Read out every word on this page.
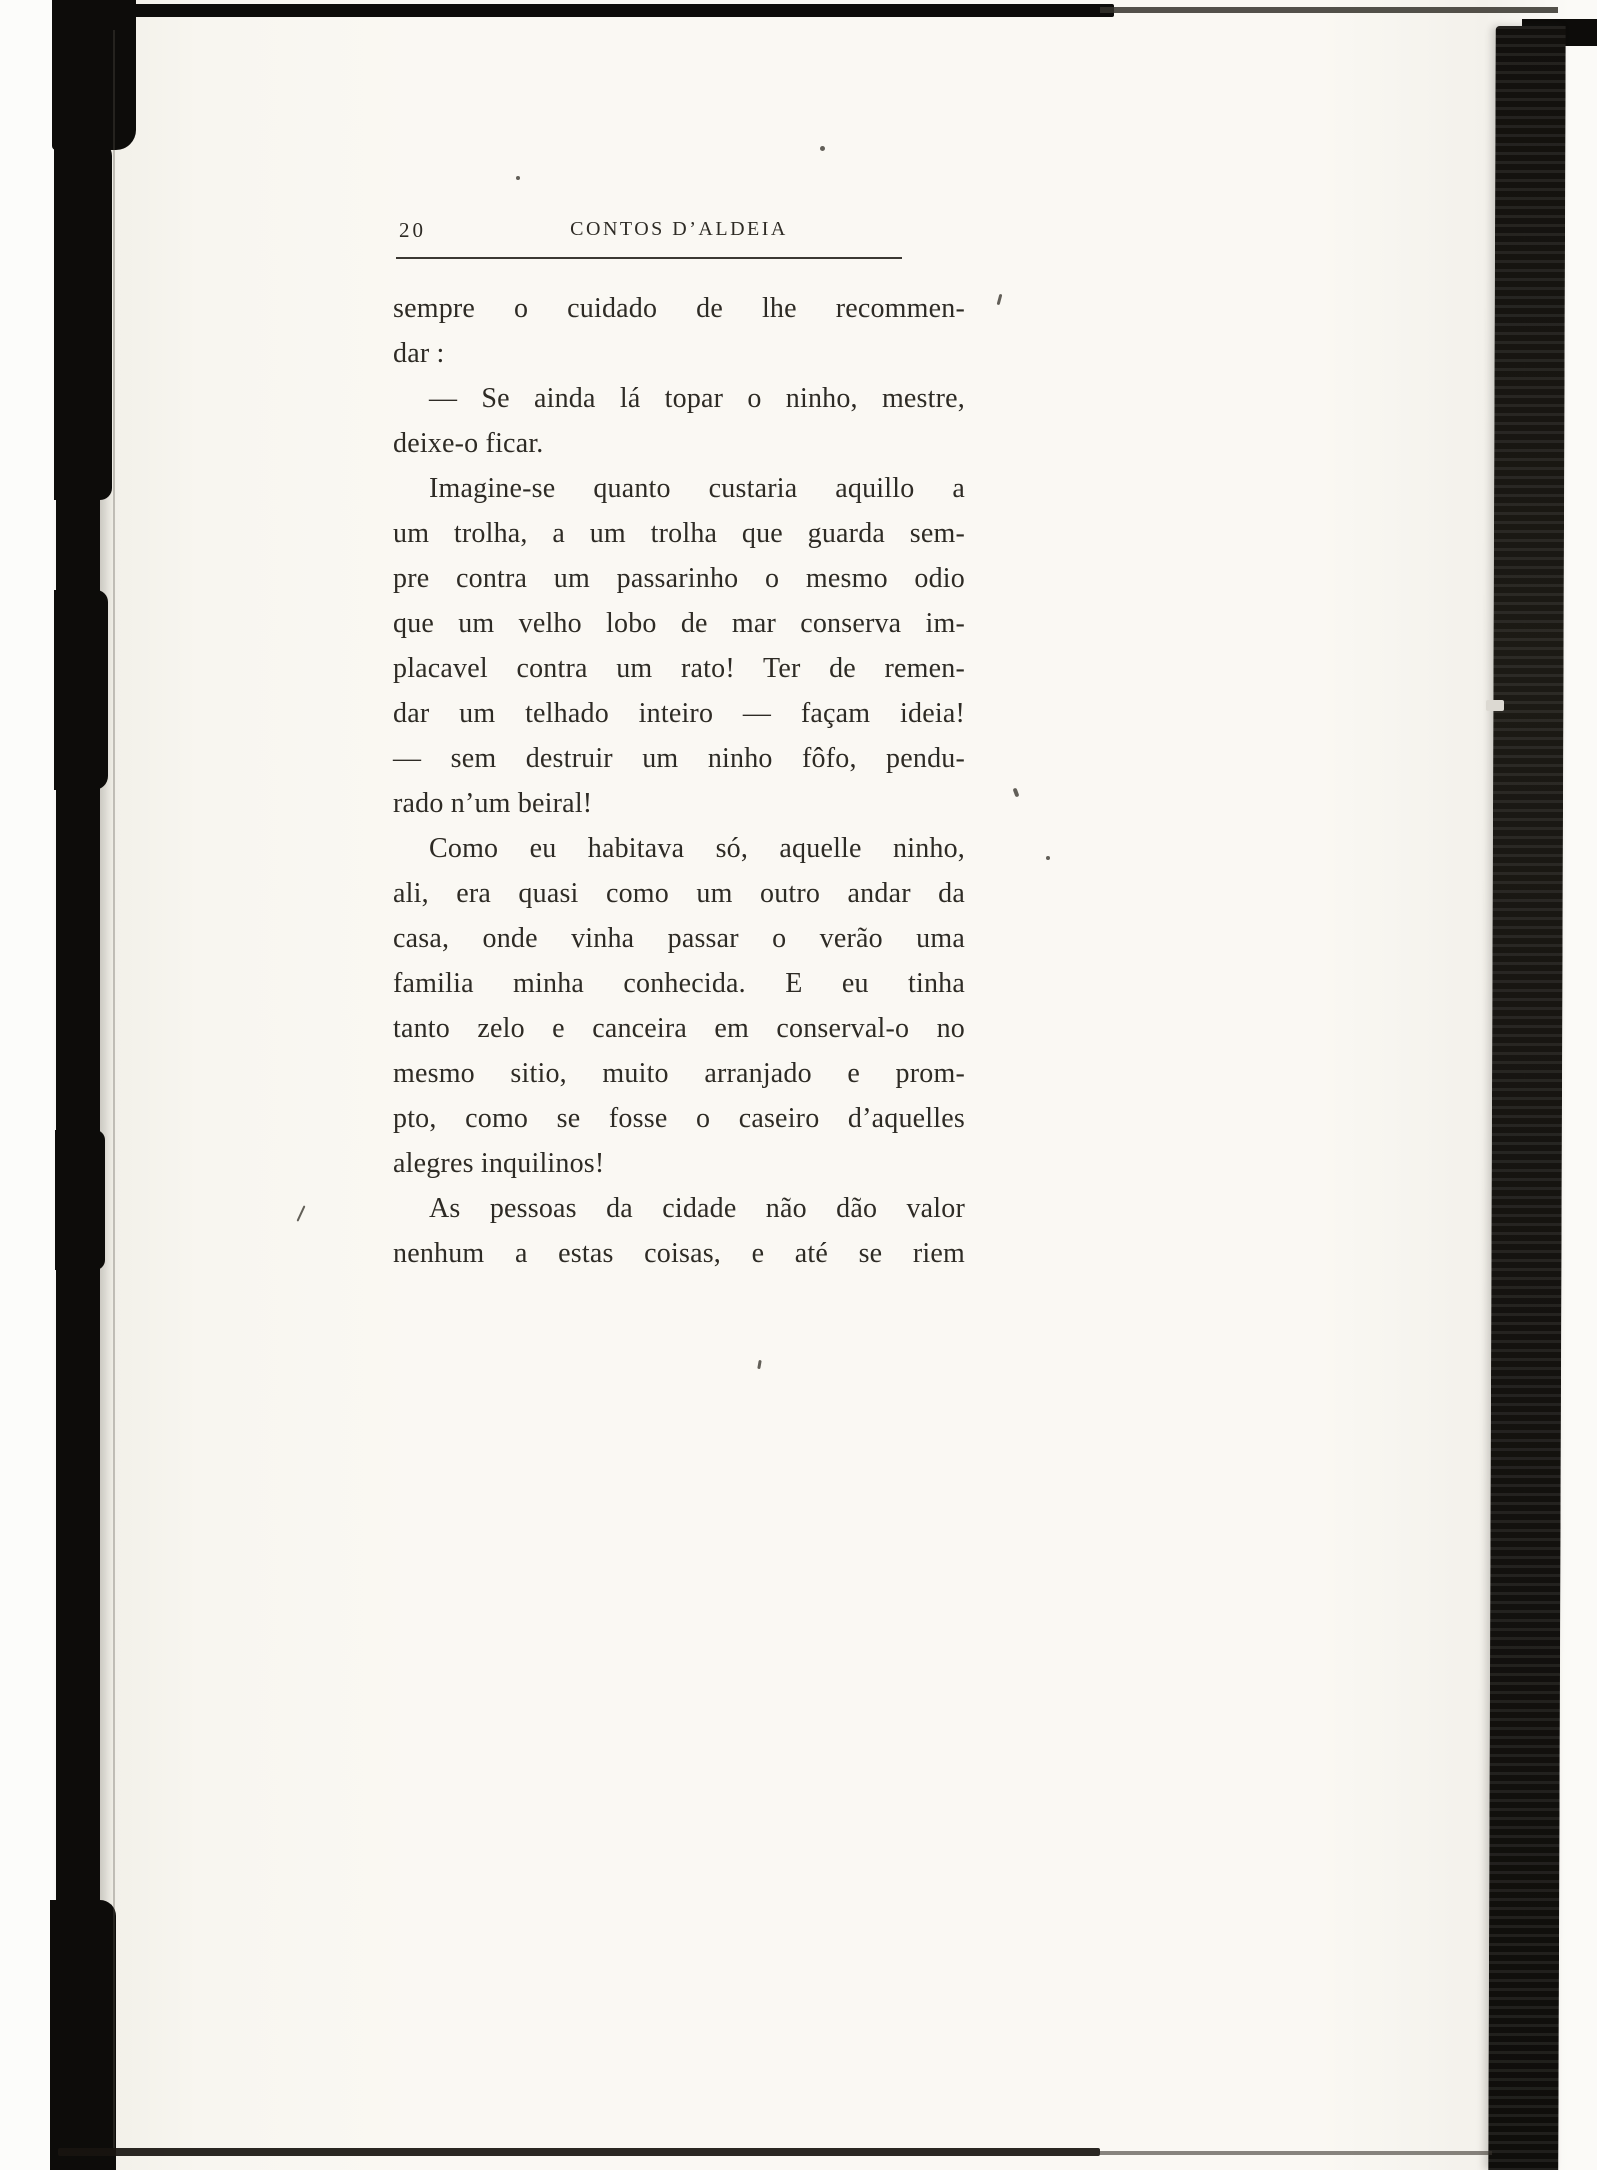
20	CONTOS D’ALDEIA
sempre o cuidado de lhe recommen-
dar :
— Se ainda lá topar o ninho, mestre,
deixe-o ficar.
Imagine-se quanto custaria aquillo a
um trolha, a um trolha que guarda sem-
pre contra um passarinho o mesmo odio
que um velho lobo de mar conserva im-
placavel contra um rato! Ter de remen-
dar um telhado inteiro — façam ideia!
— sem destruir um ninho fôfo, pendu-
rado n’um beiral!
Como eu habitava só, aquelle ninho,
ali, era quasi como um outro andar da
casa, onde vinha passar o verão uma
familia minha conhecida. E eu tinha
tanto zelo e canceira em conserval-o no
mesmo sitio, muito arranjado e prom-
pto, como se fosse o caseiro d’aquelles
alegres inquilinos!
As pessoas da cidade não dão valor
nenhum a estas coisas, e até se riem
